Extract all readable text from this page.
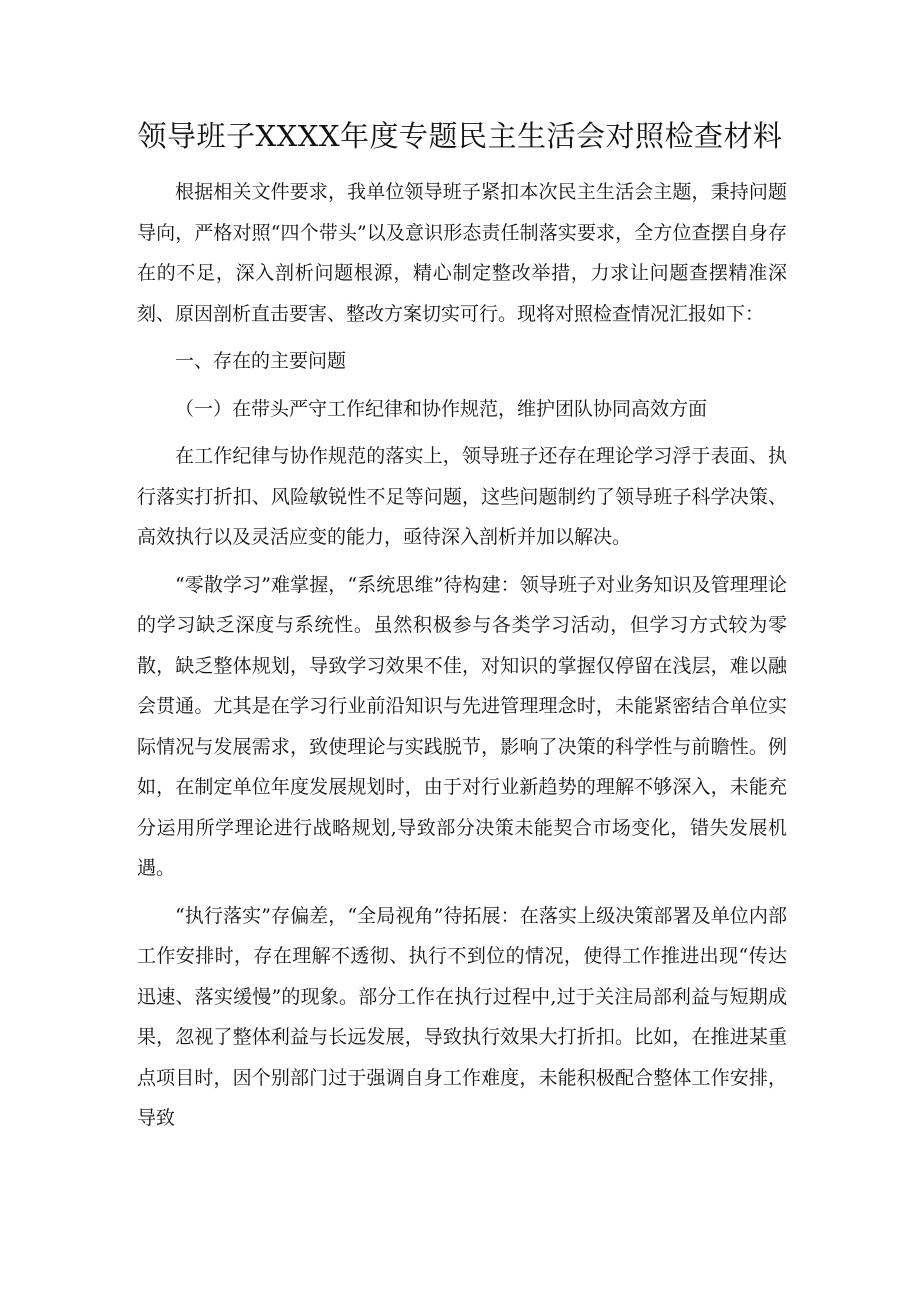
领导班子XXXX年度专题民主生活会对照检查材料

根据相关文件要求，我单位领导班子紧扣本次民主生活会主题，秉持问题导向，严格对照“四个带头”以及意识形态责任制落实要求，全方位查摆自身存在的不足，深入剖析问题根源，精心制定整改举措，力求让问题查摆精准深刻、原因剖析直击要害、整改方案切实可行。现将对照检查情况汇报如下：

一、存在的主要问题

（一）在带头严守工作纪律和协作规范，维护团队协同高效方面

在工作纪律与协作规范的落实上，领导班子还存在理论学习浮于表面、执行落实打折扣、风险敏锐性不足等问题，这些问题制约了领导班子科学决策、高效执行以及灵活应变的能力，亟待深入剖析并加以解决。

“零散学习”难掌握，“系统思维”待构建：领导班子对业务知识及管理理论的学习缺乏深度与系统性。虽然积极参与各类学习活动，但学习方式较为零散，缺乏整体规划，导致学习效果不佳，对知识的掌握仅停留在浅层，难以融会贯通。尤其是在学习行业前沿知识与先进管理理念时，未能紧密结合单位实际情况与发展需求，致使理论与实践脱节，影响了决策的科学性与前瞻性。例如，在制定单位年度发展规划时，由于对行业新趋势的理解不够深入，未能充分运用所学理论进行战略规划,导致部分决策未能契合市场变化，错失发展机遇。

“执行落实”存偏差，“全局视角”待拓展：在落实上级决策部署及单位内部工作安排时，存在理解不透彻、执行不到位的情况，使得工作推进出现“传达迅速、落实缓慢”的现象。部分工作在执行过程中,过于关注局部利益与短期成果，忽视了整体利益与长远发展，导致执行效果大打折扣。比如，在推进某重点项目时，因个别部门过于强调自身工作难度，未能积极配合整体工作安排，导致
